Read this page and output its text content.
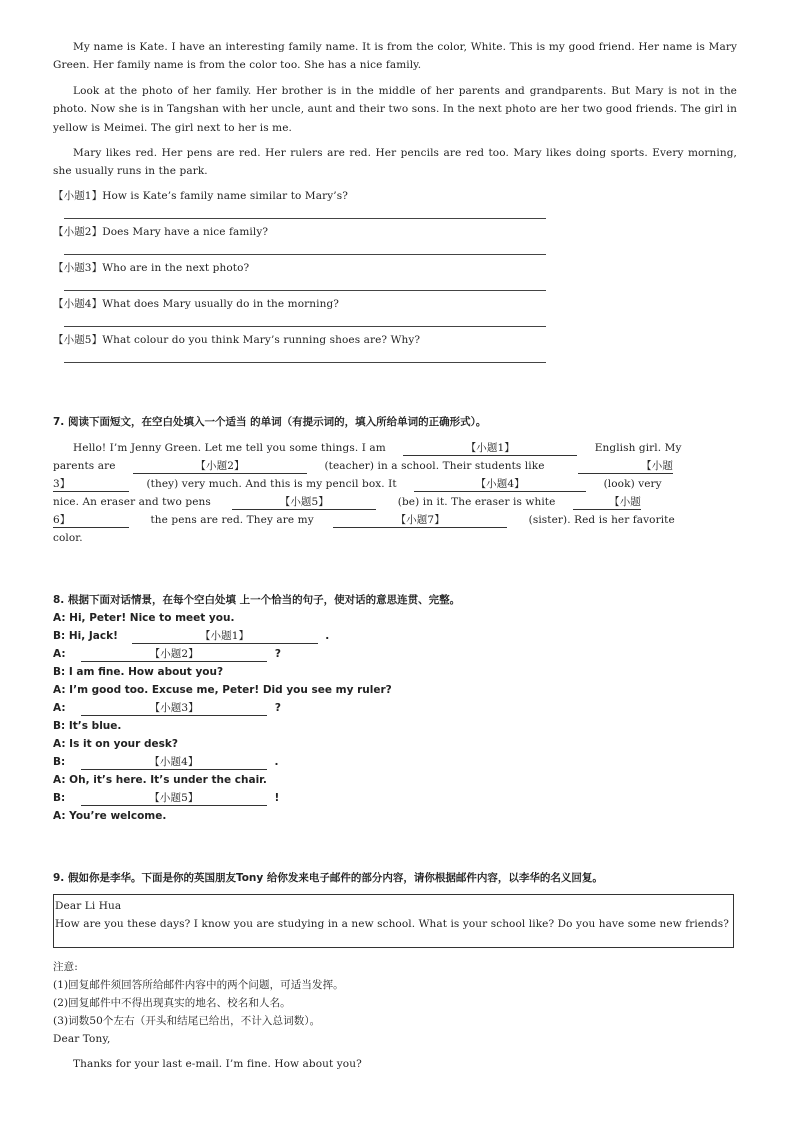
My name is Kate. I have an interesting family name. It is from the color, White. This is my good friend. Her name is Mary Green. Her family name is from the color too. She has a nice family.

Look at the photo of her family. Her brother is in the middle of her parents and grandparents. But Mary is not in the photo. Now she is in Tangshan with her uncle, aunt and their two sons. In the next photo are her two good friends. The girl in yellow is Meimei. The girl next to her is me.

Mary likes red. Her pens are red. Her rulers are red. Her pencils are red too. Mary likes doing sports. Every morning, she usually runs in the park.

【小题1】How is Kate’s family name similar to Mary’s?
【小题2】Does Mary have a nice family?
【小题3】Who are in the next photo?
【小题4】What does Mary usually do in the morning?
【小题5】What colour do you think Mary’s running shoes are? Why?
7. 阅读下面短文，在空白处填入一个适当 的单词（有提示词的，填入所给单词的正确形式）。
Hello! I’m Jenny Green. Let me tell you some things. I am	【小题1】	English girl. My
parents are	【小题2】	(teacher) in a school. Their students like	【小题
3】	(they) very much. And this is my pencil box. It	【小题4】	(look) very
nice. An eraser and two pens	【小题5】	(be) in it. The eraser is white	【小题
6】	the pens are red. They are my	【小题7】	(sister). Red is her favorite
color.
8. 根据下面对话情景，在每个空白处填 上一个恰当的句子，使对话的意思连贯、完整。
A: Hi, Peter! Nice to meet you.
B: Hi, Jack!	【小题1】	.
A:	【小题2】	?
B: I am fine. How about you?
A: I’m good too. Excuse me, Peter! Did you see my ruler?
A:	【小题3】	?
B: It’s blue.
A: Is it on your desk?
B:	【小题4】	.
A: Oh, it’s here. It’s under the chair.
B:	【小题5】	!
A: You’re welcome.
9. 假如你是李华。下面是你的英国朋友Tony 给你发来电子邮件的部分内容，请你根据邮件内容，以李华的名义回复。
Dear Li Hua
How are you these days? I know you are studying in a new school. What is your school like? Do you have some new friends?
注意:
(1)回复邮件须回答所给邮件内容中的两个问题，可适当发挥。
(2)回复邮件中不得出现真实的地名、校名和人名。
(3)词数50个左右（开头和结尾已给出，不计入总词数）。
Dear Tony,
Thanks for your last e-mail. I’m fine. How about you?
